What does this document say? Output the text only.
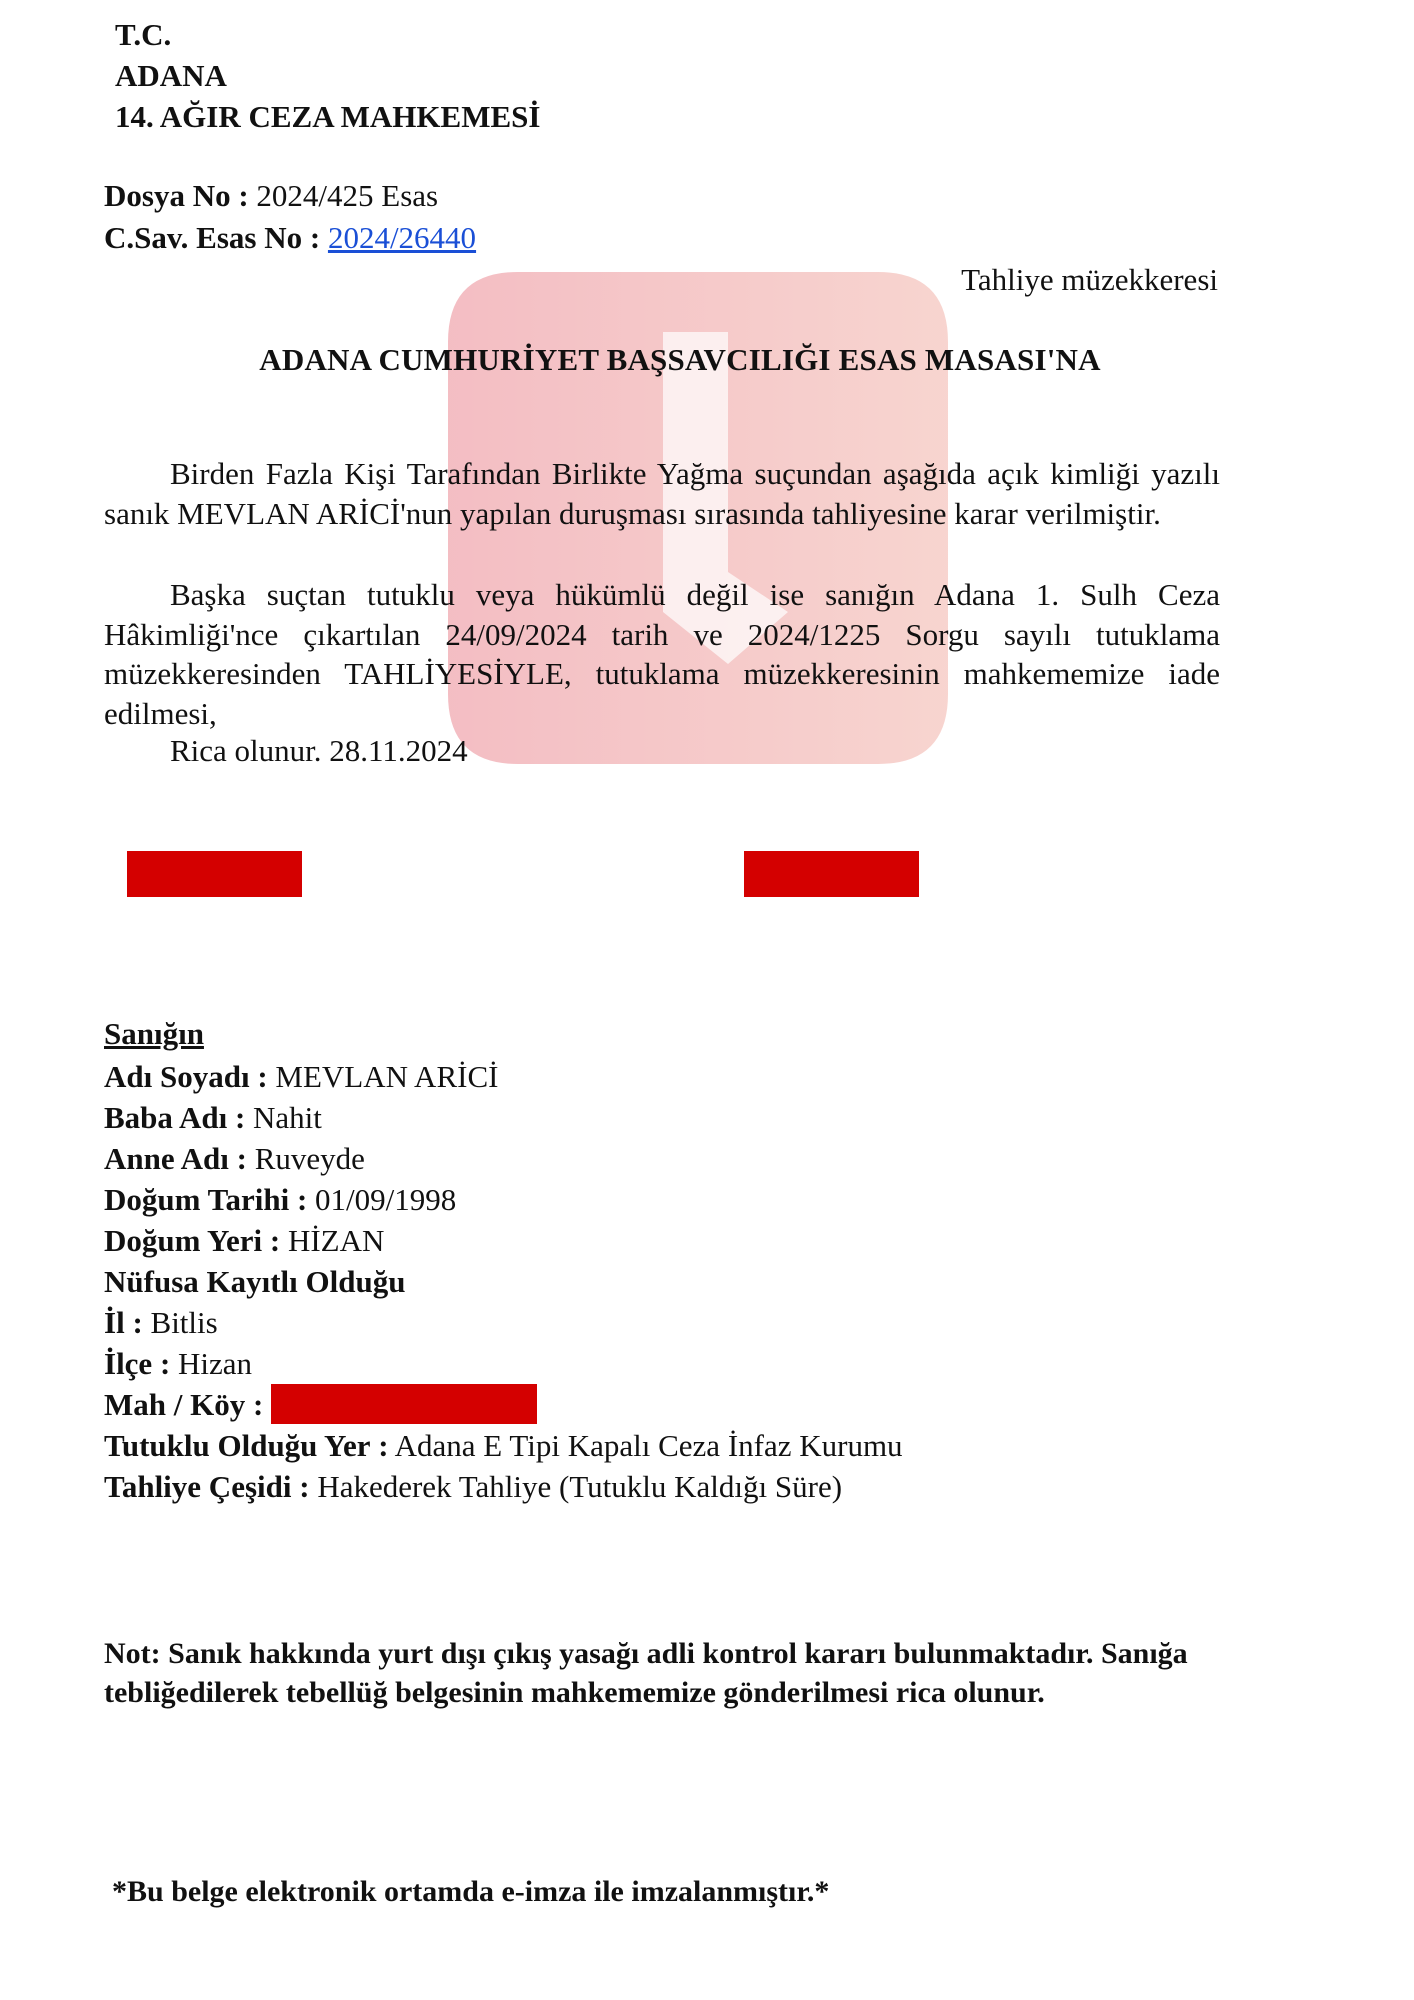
T.C.
ADANA
14. AĞIR CEZA MAHKEMESİ
Dosya No : 2024/425 Esas
C.Sav. Esas No : 2024/26440
Tahliye müzekkeresi
ADANA CUMHURİYET BAŞSAVCILIĞI ESAS MASASI'NA
Birden Fazla Kişi Tarafından Birlikte Yağma suçundan aşağıda açık kimliği yazılı sanık MEVLAN ARİCİ'nun yapılan duruşması sırasında tahliyesine karar verilmiştir.
Başka suçtan tutuklu veya hükümlü değil ise sanığın Adana 1. Sulh Ceza Hâkimliği'nce çıkartılan 24/09/2024 tarih ve 2024/1225 Sorgu sayılı tutuklama müzekkeresinden TAHLİYESİYLE, tutuklama müzekkeresinin mahkememize iade edilmesi,
Rica olunur. 28.11.2024
Sanığın
Adı Soyadı : MEVLAN ARİCİ
Baba Adı : Nahit
Anne Adı : Ruveyde
Doğum Tarihi : 01/09/1998
Doğum Yeri : HİZAN
Nüfusa Kayıtlı Olduğu
İl : Bitlis
İlçe : Hizan
Mah / Köy :
Tutuklu Olduğu Yer : Adana E Tipi Kapalı Ceza İnfaz Kurumu
Tahliye Çeşidi : Hakederek Tahliye (Tutuklu Kaldığı Süre)
Not: Sanık hakkında yurt dışı çıkış yasağı adli kontrol kararı bulunmaktadır. Sanığa tebliğedilerek tebellüğ belgesinin mahkememize gönderilmesi rica olunur.
*Bu belge elektronik ortamda e-imza ile imzalanmıştır.*
